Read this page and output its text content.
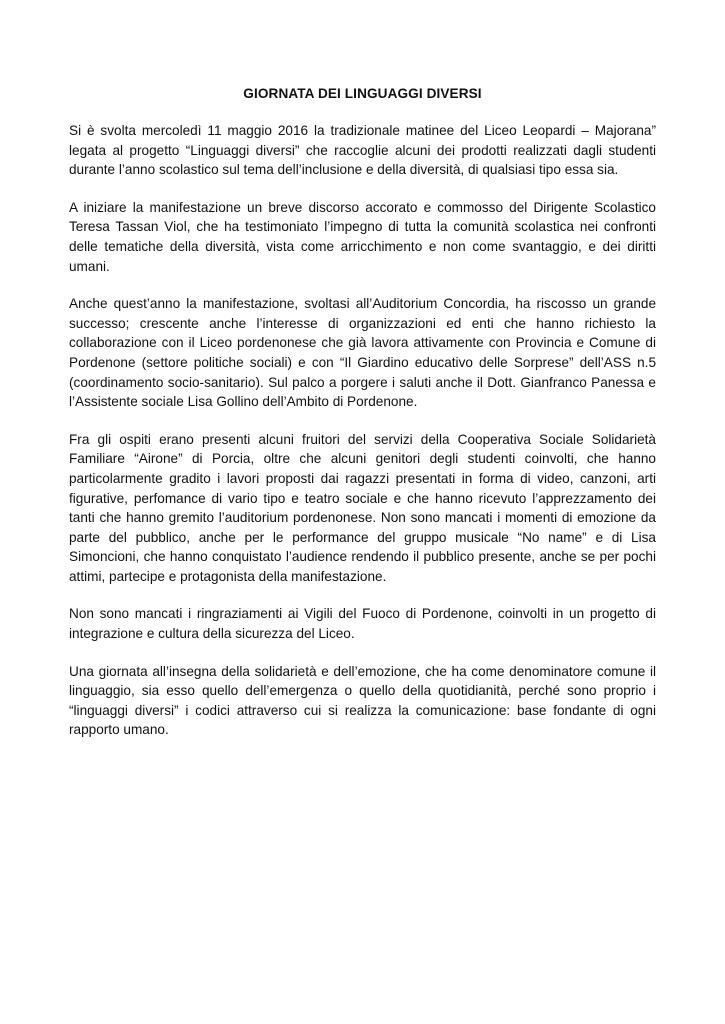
GIORNATA DEI LINGUAGGI DIVERSI

Si è svolta mercoledì 11 maggio 2016 la tradizionale matinee del Liceo Leopardi – Majorana” legata al progetto “Linguaggi diversi” che raccoglie alcuni dei prodotti realizzati dagli studenti durante l’anno scolastico sul tema dell’inclusione e della diversità, di qualsiasi tipo essa sia.

A iniziare la manifestazione un breve discorso accorato e commosso del Dirigente Scolastico Teresa Tassan Viol, che ha testimoniato l’impegno di tutta la comunità scolastica nei confronti delle tematiche della diversità, vista come arricchimento e non come svantaggio, e dei diritti umani.

Anche quest’anno la manifestazione, svoltasi all’Auditorium Concordia, ha riscosso un grande successo; crescente anche l’interesse di organizzazioni ed enti che hanno richiesto la collaborazione con il Liceo pordenonese che già lavora attivamente con Provincia e Comune di Pordenone (settore politiche sociali) e con “Il Giardino educativo delle Sorprese” dell’ASS n.5 (coordinamento socio-sanitario). Sul palco a porgere i saluti anche il Dott. Gianfranco Panessa e l’Assistente sociale Lisa Gollino dell’Ambito di Pordenone.

Fra gli ospiti erano presenti alcuni fruitori del servizi della Cooperativa Sociale Solidarietà Familiare “Airone” di Porcia, oltre che alcuni genitori degli studenti coinvolti, che hanno particolarmente gradito i lavori proposti dai ragazzi presentati in forma di video, canzoni, arti figurative, perfomance di vario tipo e teatro sociale e che hanno ricevuto l’apprezzamento dei tanti che hanno gremito l’auditorium pordenonese. Non sono mancati i momenti di emozione da parte del pubblico, anche per le performance del gruppo musicale “No name” e di Lisa Simoncioni, che hanno conquistato l’audience rendendo il pubblico presente, anche se per pochi attimi, partecipe e protagonista della manifestazione.

Non sono mancati i ringraziamenti ai Vigili del Fuoco di Pordenone, coinvolti in un progetto di integrazione e cultura della sicurezza del Liceo.

Una giornata all’insegna della solidarietà e dell’emozione, che ha come denominatore comune il linguaggio, sia esso quello dell’emergenza o quello della quotidianità, perché sono proprio i “linguaggi diversi” i codici attraverso cui si realizza la comunicazione: base fondante di ogni rapporto umano.
